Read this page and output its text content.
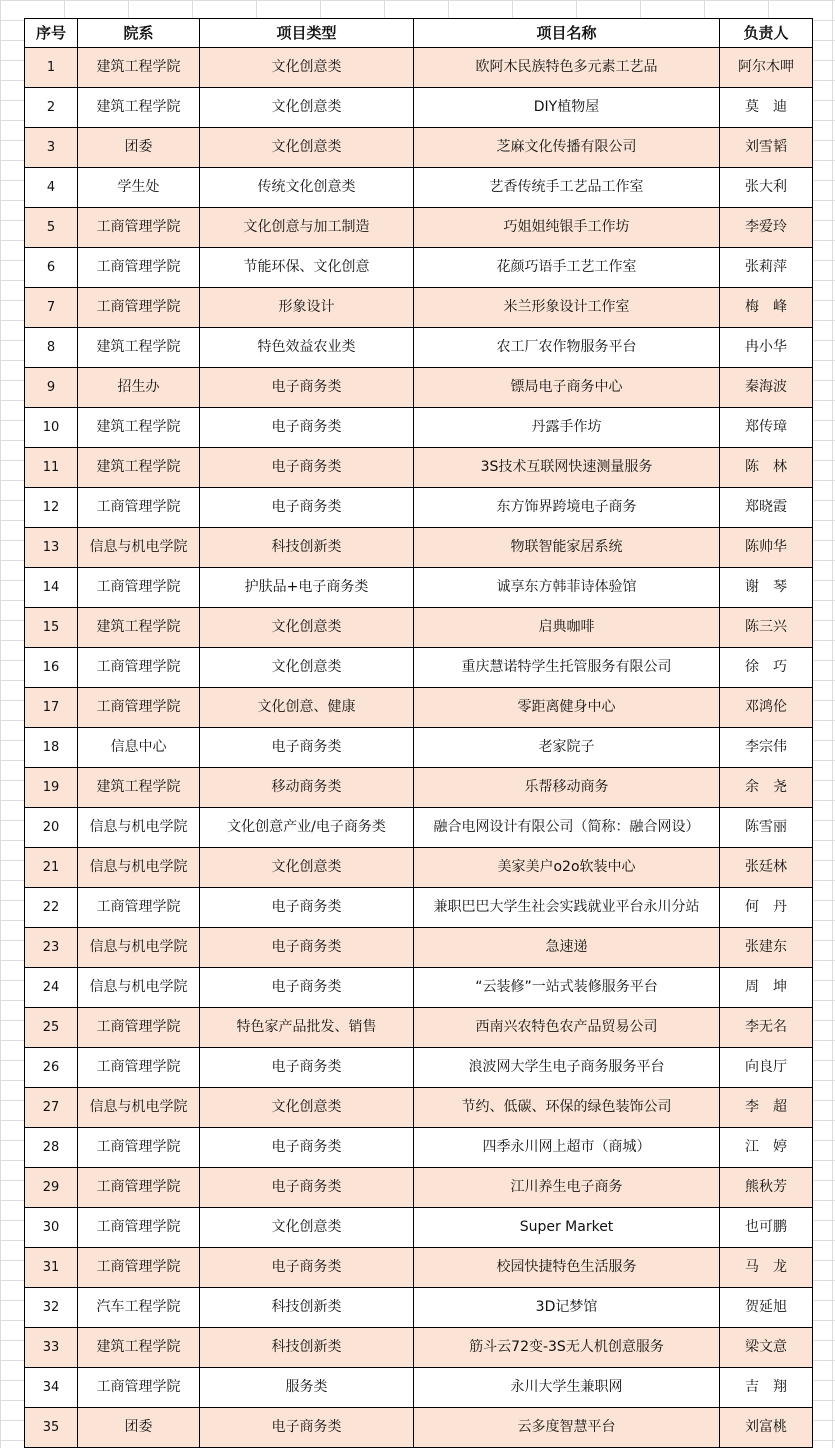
序号	院系	项目类型	项目名称	负责人
1	建筑工程学院	文化创意类	欧阿木民族特色多元素工艺品	阿尔木呷
2	建筑工程学院	文化创意类	DIY植物屋	莫　迪
3	团委	文化创意类	芝麻文化传播有限公司	刘雪韬
4	学生处	传统文化创意类	艺香传统手工艺品工作室	张大利
5	工商管理学院	文化创意与加工制造	巧姐姐纯银手工作坊	李爱玲
6	工商管理学院	节能环保、文化创意	花颜巧语手工艺工作室	张莉萍
7	工商管理学院	形象设计	米兰形象设计工作室	梅　峰
8	建筑工程学院	特色效益农业类	农工厂农作物服务平台	冉小华
9	招生办	电子商务类	镖局电子商务中心	秦海波
10	建筑工程学院	电子商务类	丹露手作坊	郑传璋
11	建筑工程学院	电子商务类	3S技术互联网快速测量服务	陈　林
12	工商管理学院	电子商务类	东方饰界跨境电子商务	郑晓霞
13	信息与机电学院	科技创新类	物联智能家居系统	陈帅华
14	工商管理学院	护肤品+电子商务类	诚享东方韩菲诗体验馆	谢　琴
15	建筑工程学院	文化创意类	启典咖啡	陈三兴
16	工商管理学院	文化创意类	重庆慧诺特学生托管服务有限公司	徐　巧
17	工商管理学院	文化创意、健康	零距离健身中心	邓鸿伦
18	信息中心	电子商务类	老家院子	李宗伟
19	建筑工程学院	移动商务类	乐帮移动商务	余　尧
20	信息与机电学院	文化创意产业/电子商务类	融合电网设计有限公司（简称：融合网设）	陈雪丽
21	信息与机电学院	文化创意类	美家美户o2o软装中心	张廷林
22	工商管理学院	电子商务类	兼职巴巴大学生社会实践就业平台永川分站	何　丹
23	信息与机电学院	电子商务类	急速递	张建东
24	信息与机电学院	电子商务类	“云装修”一站式装修服务平台	周　坤
25	工商管理学院	特色家产品批发、销售	西南兴农特色农产品贸易公司	李无名
26	工商管理学院	电子商务类	浪波网大学生电子商务服务平台	向良厅
27	信息与机电学院	文化创意类	节约、低碳、环保的绿色装饰公司	李　超
28	工商管理学院	电子商务类	四季永川网上超市（商城）	江　婷
29	工商管理学院	电子商务类	江川养生电子商务	熊秋芳
30	工商管理学院	文化创意类	Super Market	也可鹏
31	工商管理学院	电子商务类	校园快捷特色生活服务	马　龙
32	汽车工程学院	科技创新类	3D记梦馆	贺延旭
33	建筑工程学院	科技创新类	筋斗云72变-3S无人机创意服务	梁文意
34	工商管理学院	服务类	永川大学生兼职网	吉　翔
35	团委	电子商务类	云多度智慧平台	刘富桃
